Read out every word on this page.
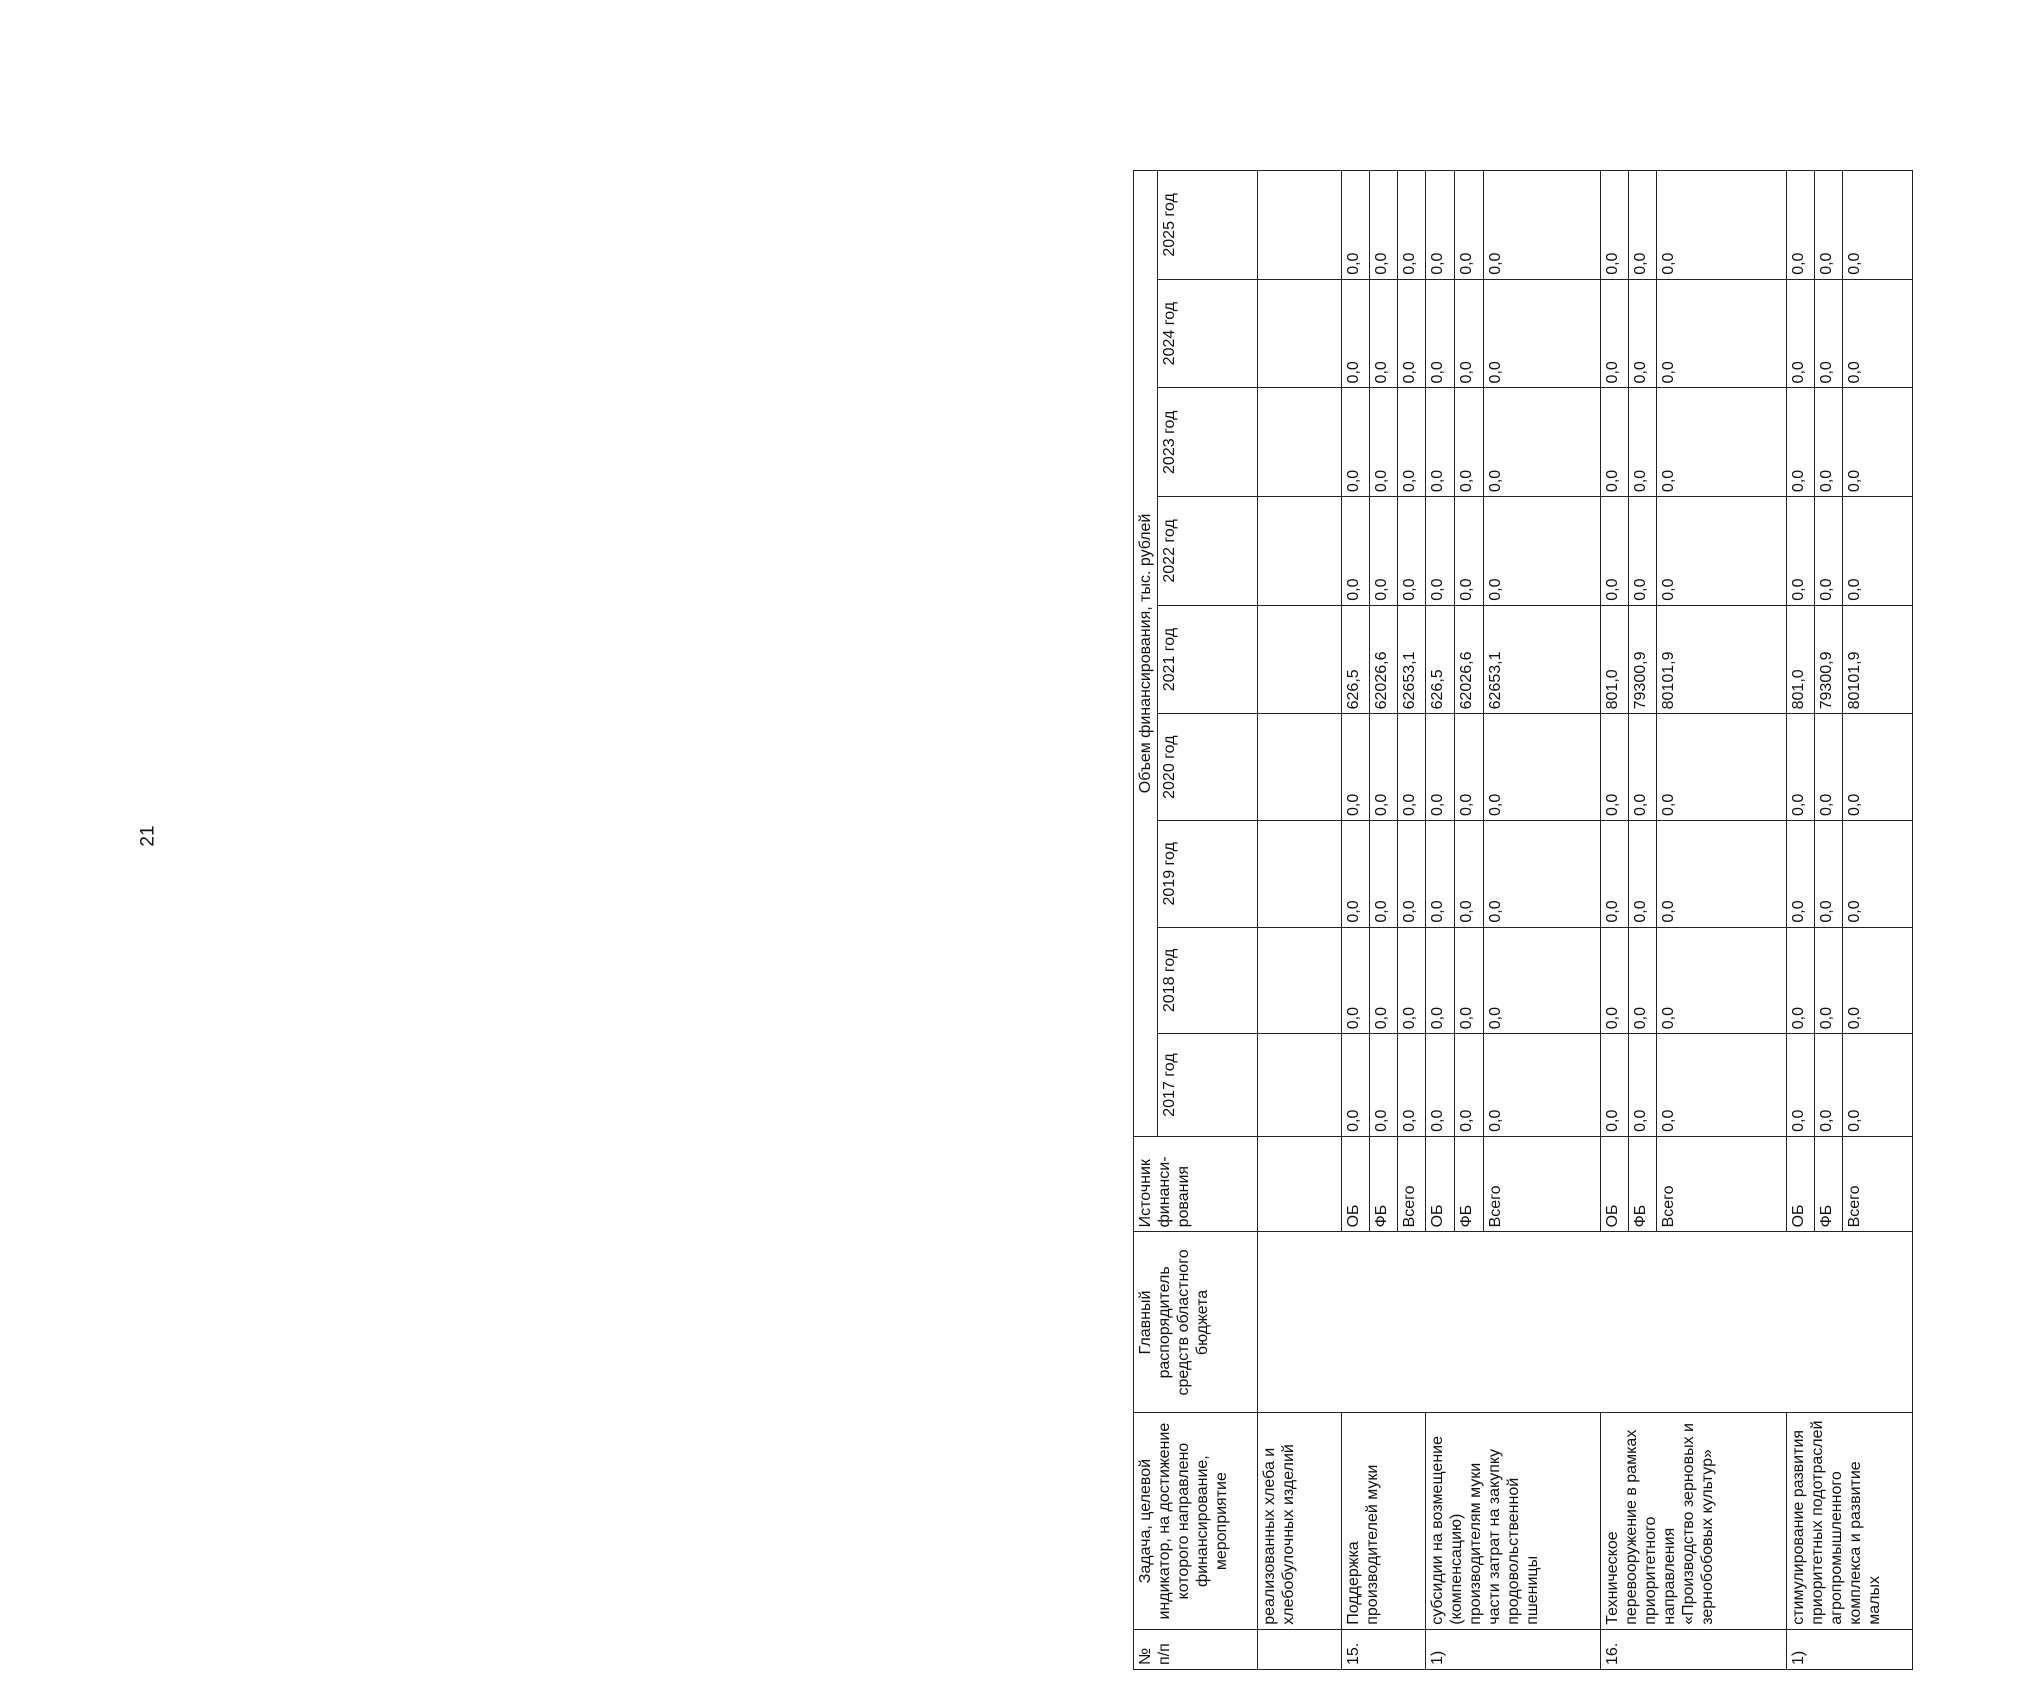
21
№ п/п	Задача, целевой индикатор, на достижение которого направлено финансирование, мероприятие	Главный распорядитель средств областного бюджета	Источник финанси-рования	Объем финансирования, тыс. рублей								
				2017 год	2018 год	2019 год	2020 год	2021 год	2022 год	2023 год	2024 год	2025 год
	реализованных хлеба и хлебобулочных изделий											
15.	Поддержка производителей муки		ОБ	0,0	0,0	0,0	0,0	626,5	0,0	0,0	0,0	0,0
			ФБ	0,0	0,0	0,0	0,0	62026,6	0,0	0,0	0,0	0,0
			Всего	0,0	0,0	0,0	0,0	62653,1	0,0	0,0	0,0	0,0
1)	субсидии на возмещение (компенсацию) производителям муки части затрат на закупку продовольственной пшеницы		ОБ	0,0	0,0	0,0	0,0	626,5	0,0	0,0	0,0	0,0
			ФБ	0,0	0,0	0,0	0,0	62026,6	0,0	0,0	0,0	0,0
			Всего	0,0	0,0	0,0	0,0	62653,1	0,0	0,0	0,0	0,0
16.	Техническое перевооружение в рамках приоритетного направления «Производство зерновых и зернобобовых культур»		ОБ	0,0	0,0	0,0	0,0	801,0	0,0	0,0	0,0	0,0
			ФБ	0,0	0,0	0,0	0,0	79300,9	0,0	0,0	0,0	0,0
			Всего	0,0	0,0	0,0	0,0	80101,9	0,0	0,0	0,0	0,0
1)	стимулирование развития приоритетных подотраслей агропромышленного комплекса и развитие малых		ОБ	0,0	0,0	0,0	0,0	801,0	0,0	0,0	0,0	0,0
			ФБ	0,0	0,0	0,0	0,0	79300,9	0,0	0,0	0,0	0,0
			Всего	0,0	0,0	0,0	0,0	80101,9	0,0	0,0	0,0	0,0
